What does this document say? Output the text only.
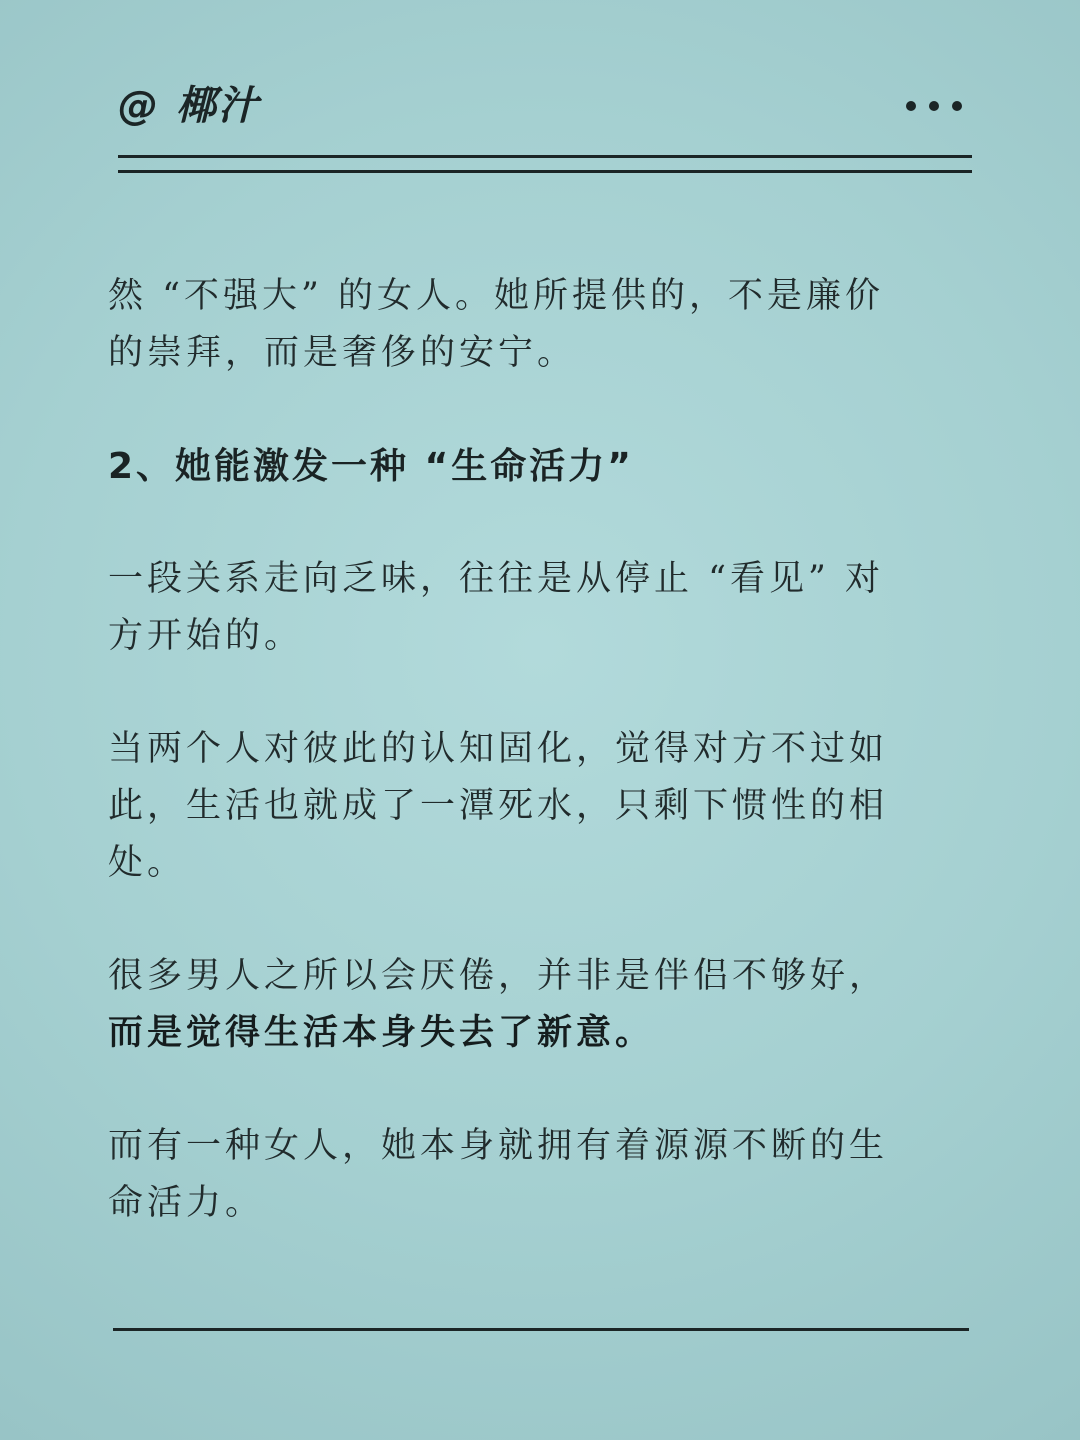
@ 椰汁

然 “不强大” 的女人。她所提供的，不是廉价
的崇拜，而是奢侈的安宁。

2、她能激发一种 “生命活力”

一段关系走向乏味，往往是从停止 “看见” 对
方开始的。

当两个人对彼此的认知固化，觉得对方不过如
此，生活也就成了一潭死水，只剩下惯性的相
处。

很多男人之所以会厌倦，并非是伴侣不够好，
而是觉得生活本身失去了新意。

而有一种女人，她本身就拥有着源源不断的生
命活力。
